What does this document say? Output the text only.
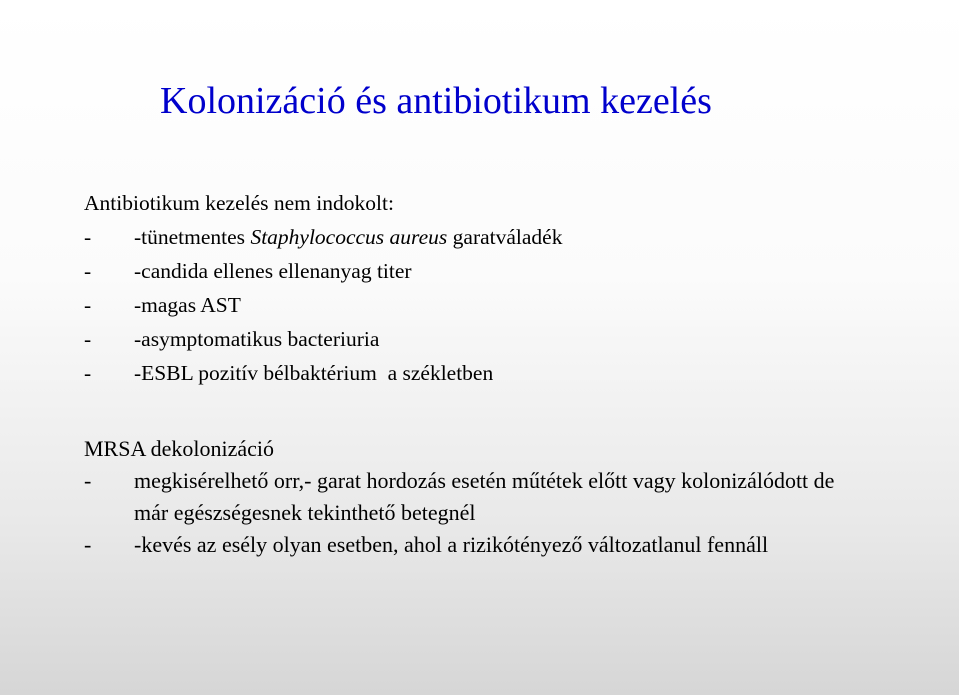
Kolonizáció és antibiotikum kezelés
Antibiotikum kezelés nem indokolt:
-	-tünetmentes Staphylococcus aureus garatváladék
-	-candida ellenes ellenanyag titer
-	-magas AST
-	-asymptomatikus bacteriuria
-	-ESBL pozitív bélbaktérium  a székletben
MRSA dekolonizáció
-	megkisérelhető orr,- garat hordozás esetén műtétek előtt vagy kolonizálódott de már egészségesnek tekinthető betegnél
-	-kevés az esély olyan esetben, ahol a rizikótényező változatlanul fennáll
